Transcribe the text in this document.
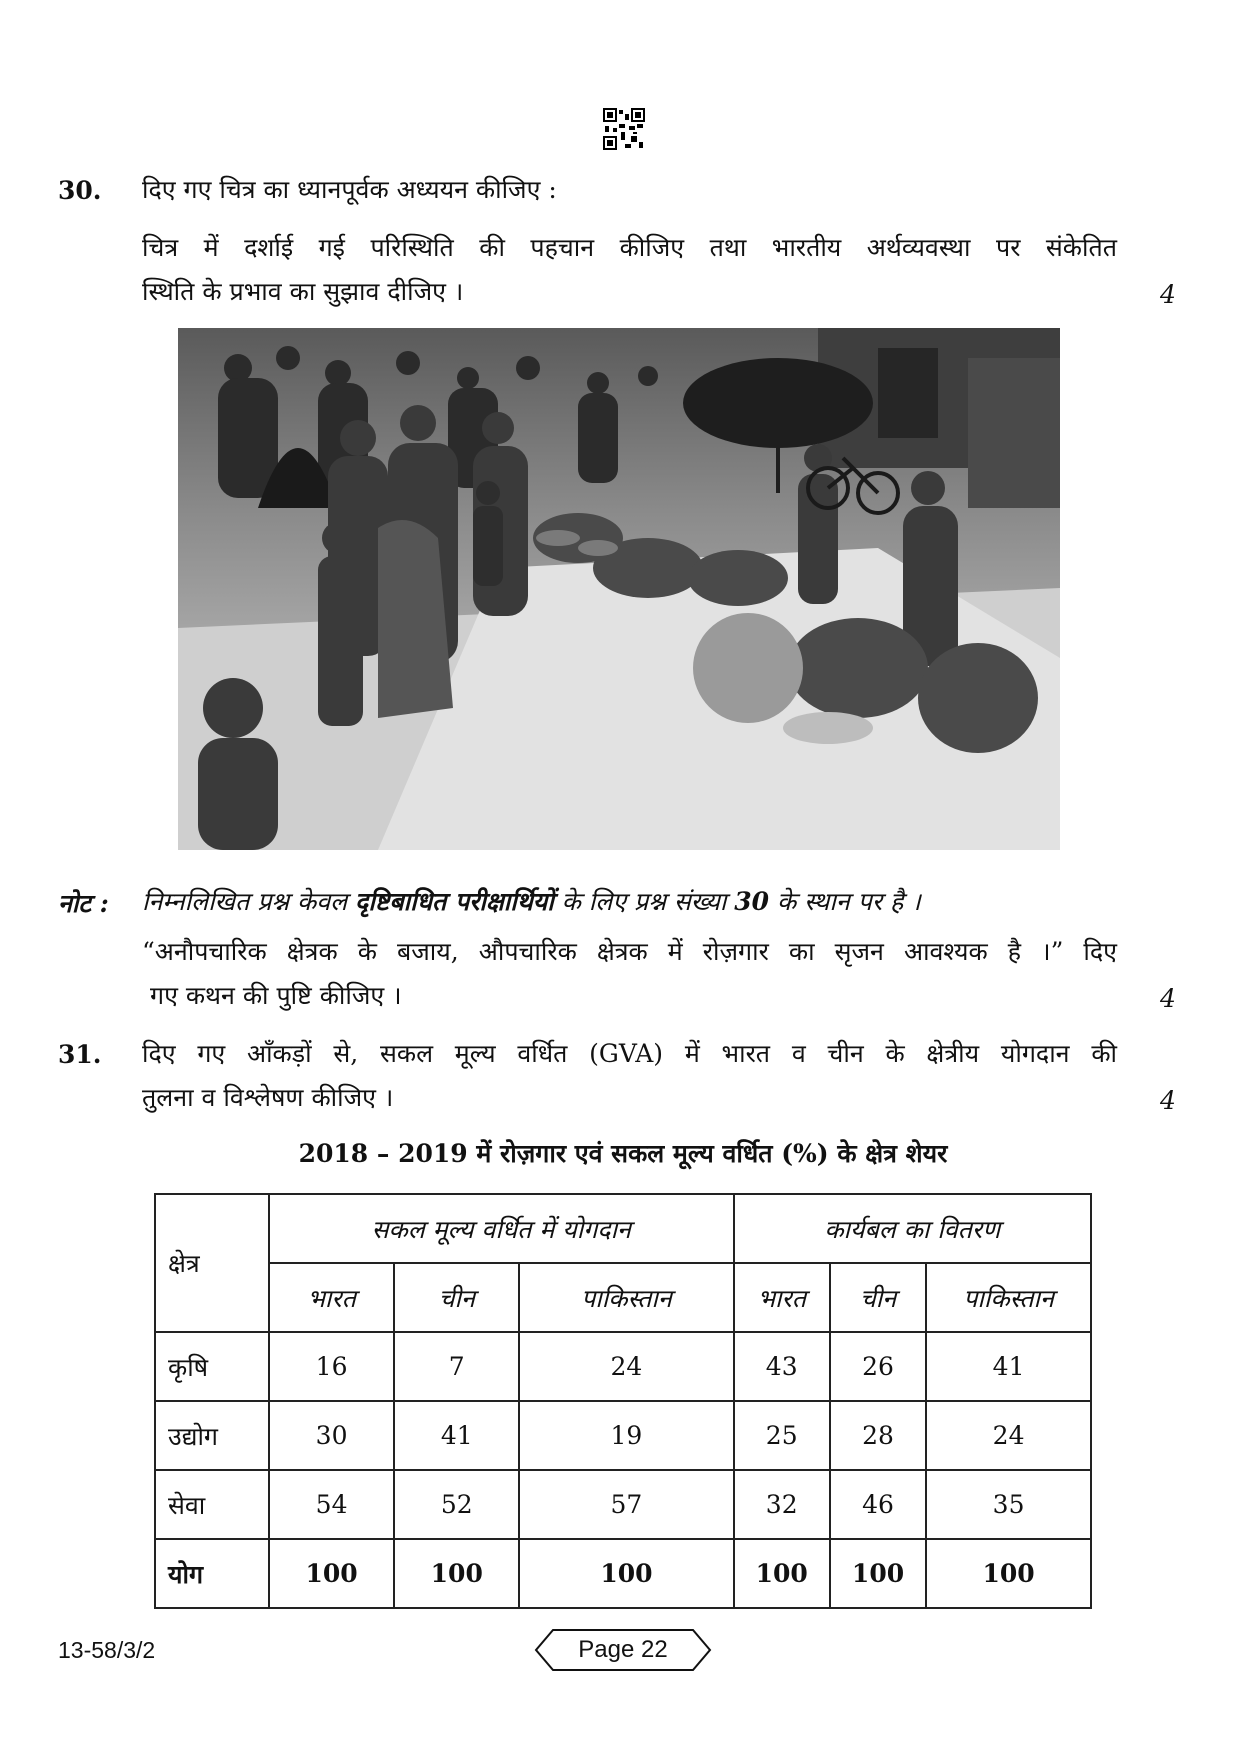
30. दिए गए चित्र का ध्यानपूर्वक अध्ययन कीजिए :
चित्र में दर्शाई गई परिस्थिति की पहचान कीजिए तथा भारतीय अर्थव्यवस्था पर संकेतित
स्थिति के प्रभाव का सुझाव दीजिए ।	4
नोट : निम्नलिखित प्रश्न केवल दृष्टिबाधित परीक्षार्थियों के लिए प्रश्न संख्या 30 के स्थान पर है ।
“अनौपचारिक क्षेत्रक के बजाय, औपचारिक क्षेत्रक में रोज़गार का सृजन आवश्यक है ।” दिए
गए कथन की पुष्टि कीजिए ।	4
31. दिए गए आँकड़ों से, सकल मूल्य वर्धित (GVA) में भारत व चीन के क्षेत्रीय योगदान की
तुलना व विश्लेषण कीजिए ।	4
2018 – 2019 में रोज़गार एवं सकल मूल्य वर्धित (%) के क्षेत्र शेयर
क्षेत्र	सकल मूल्य वर्धित में योगदान			कार्यबल का वितरण		
	भारत	चीन	पाकिस्तान	भारत	चीन	पाकिस्तान
कृषि	16	7	24	43	26	41
उद्योग	30	41	19	25	28	24
सेवा	54	52	57	32	46	35
योग	100	100	100	100	100	100
13-58/3/2	Page 22
